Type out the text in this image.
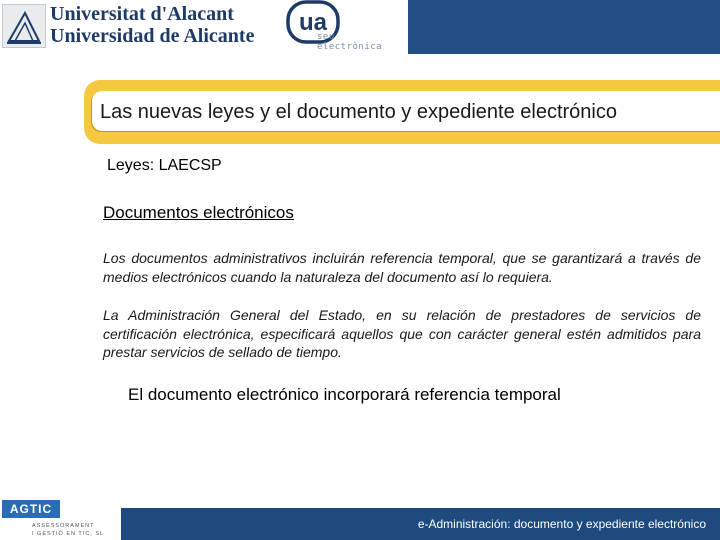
Universitat d'Alacant
Universidad de Alicante ua
seu
electrònica
Las nuevas leyes y el documento y expediente electrónico
Leyes: LAECSP
Documentos electrónicos
Los documentos administrativos incluirán referencia temporal, que se garantizará a través de medios electrónicos cuando la naturaleza del documento así lo requiera.
La Administración General del Estado, en su relación de prestadores de servicios de certificación electrónica, especificará aquellos que con carácter general estén admitidos para prestar servicios de sellado de tiempo.
El documento electrónico incorporará referencia temporal
AGTIC
ASSESSORAMENT
I GESTIÓ EN TIC, SL
e-Administración: documento y expediente electrónico
